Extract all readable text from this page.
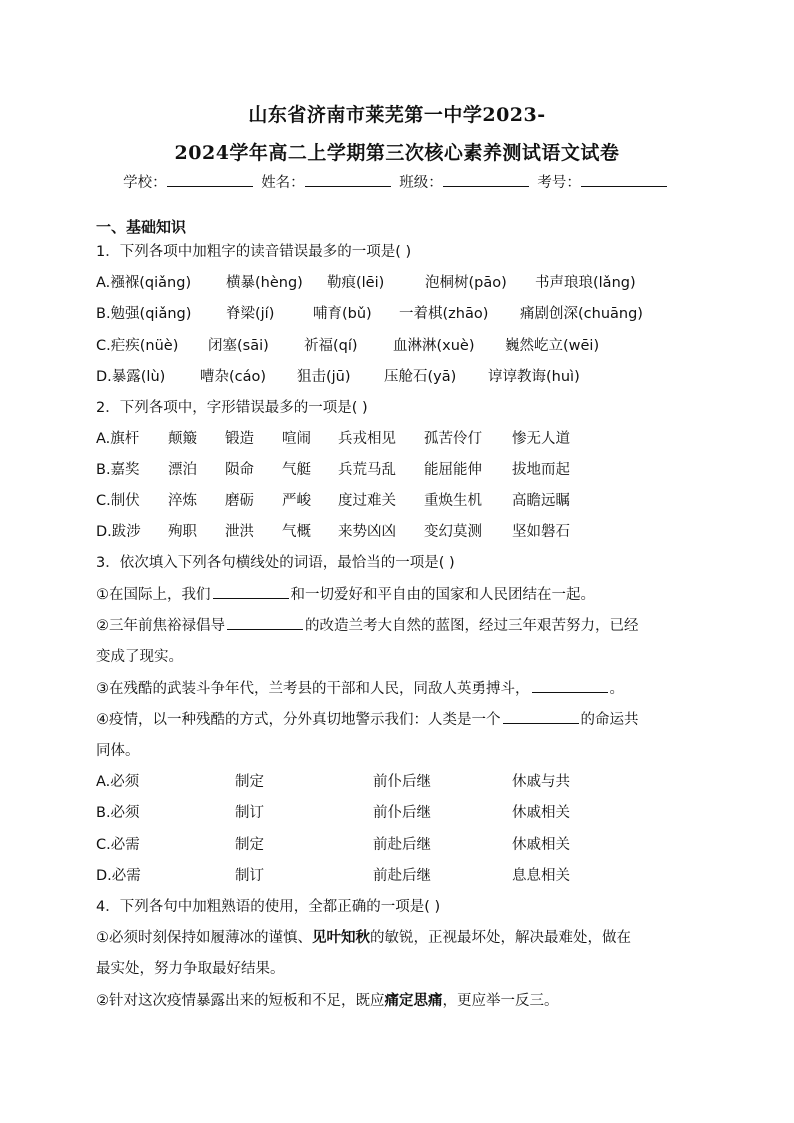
山东省济南市莱芜第一中学2023-
2024学年高二上学期第三次核心素养测试语文试卷
学校：	姓名：	班级：	考号：
一、基础知识
1．下列各项中加粗字的读音错误最多的一项是( )
A.襁褓(qiǎng) 横暴(hèng) 勒痕(lēi)	泡桐树(pāo) 书声琅琅(lǎng)
B.勉强(qiǎng) 脊梁(jí)	哺育(bǔ) 一着棋(zhāo) 痛剧创深(chuāng)
C.疟疾(nüè) 闭塞(sāi) 祈福(qí) 血淋淋(xuè) 巍然屹立(wēi)
D.暴露(lù) 嘈杂(cáo) 狙击(jū) 压舱石(yā) 谆谆教诲(huì)
2．下列各项中，字形错误最多的一项是( )
A.旗杆 颠簸 锻造 喧闹 兵戎相见 孤苦伶仃 惨无人道
B.嘉奖 漂泊 陨命 气艇 兵荒马乱 能屈能伸 拔地而起
C.制伏 淬炼 磨砺 严峻 度过难关 重焕生机 高瞻远瞩
D.跋涉 殉职 泄洪 气概 来势凶凶 变幻莫测 坚如磐石
3．依次填入下列各句横线处的词语，最恰当的一项是( )
①在国际上，我们	和一切爱好和平自由的国家和人民团结在一起。
②三年前焦裕禄倡导	的改造兰考大自然的蓝图，经过三年艰苦努力，已经
变成了现实。
③在残酷的武装斗争年代，兰考县的干部和人民，同敌人英勇搏斗，	。
④疫情，以一种残酷的方式，分外真切地警示我们：人类是一个	的命运共
同体。
A.必须	制定	前仆后继	休戚与共
B.必须	制订	前仆后继	休戚相关
C.必需	制定	前赴后继	休戚相关
D.必需	制订	前赴后继	息息相关
4．下列各句中加粗熟语的使用，全都正确的一项是( )
①必须时刻保持如履薄冰的谨慎、见叶知秋的敏锐，正视最坏处，解决最难处，做在
最实处，努力争取最好结果。
②针对这次疫情暴露出来的短板和不足，既应痛定思痛，更应举一反三。
